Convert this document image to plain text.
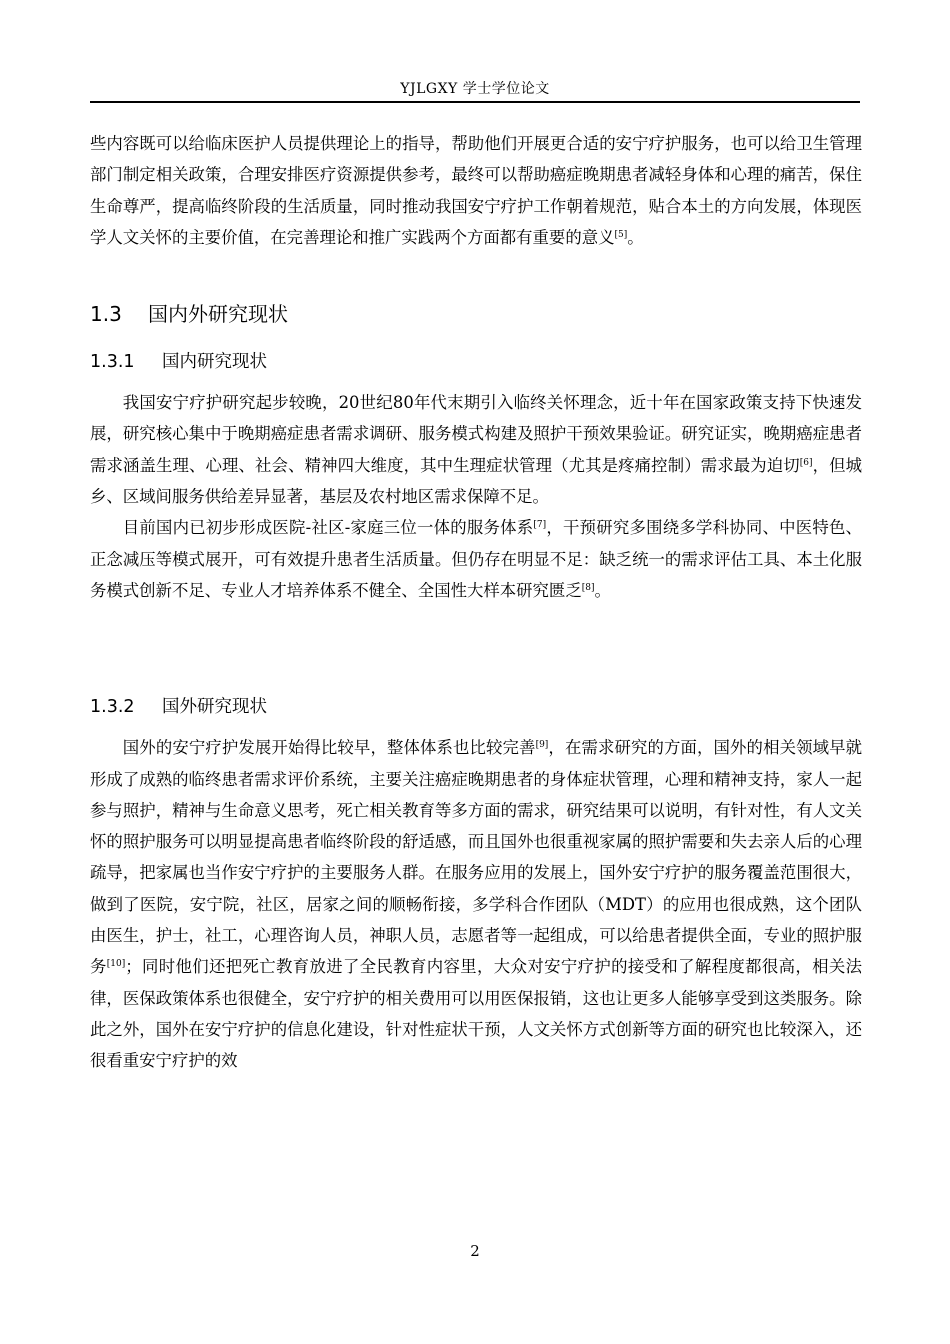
YJLGXY 学士学位论文

些内容既可以给临床医护人员提供理论上的指导，帮助他们开展更合适的安宁疗护服务，也可以给卫生管理部门制定相关政策，合理安排医疗资源提供参考，最终可以帮助癌症晚期患者减轻身体和心理的痛苦，保住生命尊严，提高临终阶段的生活质量，同时推动我国安宁疗护工作朝着规范，贴合本土的方向发展，体现医学人文关怀的主要价值，在完善理论和推广实践两个方面都有重要的意义[5]。

1.3 国内外研究现状
1.3.1 国内研究现状

我国安宁疗护研究起步较晚，20世纪80年代末期引入临终关怀理念，近十年在国家政策支持下快速发展，研究核心集中于晚期癌症患者需求调研、服务模式构建及照护干预效果验证。研究证实，晚期癌症患者需求涵盖生理、心理、社会、精神四大维度，其中生理症状管理（尤其是疼痛控制）需求最为迫切[6]，但城乡、区域间服务供给差异显著，基层及农村地区需求保障不足。

目前国内已初步形成医院-社区-家庭三位一体的服务体系[7]，干预研究多围绕多学科协同、中医特色、正念减压等模式展开，可有效提升患者生活质量。但仍存在明显不足：缺乏统一的需求评估工具、本土化服务模式创新不足、专业人才培养体系不健全、全国性大样本研究匮乏[8]。

1.3.2 国外研究现状

国外的安宁疗护发展开始得比较早，整体体系也比较完善[9]，在需求研究的方面，国外的相关领域早就形成了成熟的临终患者需求评价系统，主要关注癌症晚期患者的身体症状管理，心理和精神支持，家人一起参与照护，精神与生命意义思考，死亡相关教育等多方面的需求，研究结果可以说明，有针对性，有人文关怀的照护服务可以明显提高患者临终阶段的舒适感，而且国外也很重视家属的照护需要和失去亲人后的心理疏导，把家属也当作安宁疗护的主要服务人群。在服务应用的发展上，国外安宁疗护的服务覆盖范围很大，做到了医院，安宁院，社区，居家之间的顺畅衔接，多学科合作团队（MDT）的应用也很成熟，这个团队由医生，护士，社工，心理咨询人员，神职人员，志愿者等一起组成，可以给患者提供全面，专业的照护服务[10]；同时他们还把死亡教育放进了全民教育内容里，大众对安宁疗护的接受和了解程度都很高，相关法律，医保政策体系也很健全，安宁疗护的相关费用可以用医保报销，这也让更多人能够享受到这类服务。除此之外，国外在安宁疗护的信息化建设，针对性症状干预，人文关怀方式创新等方面的研究也比较深入，还很看重安宁疗护的效

2
